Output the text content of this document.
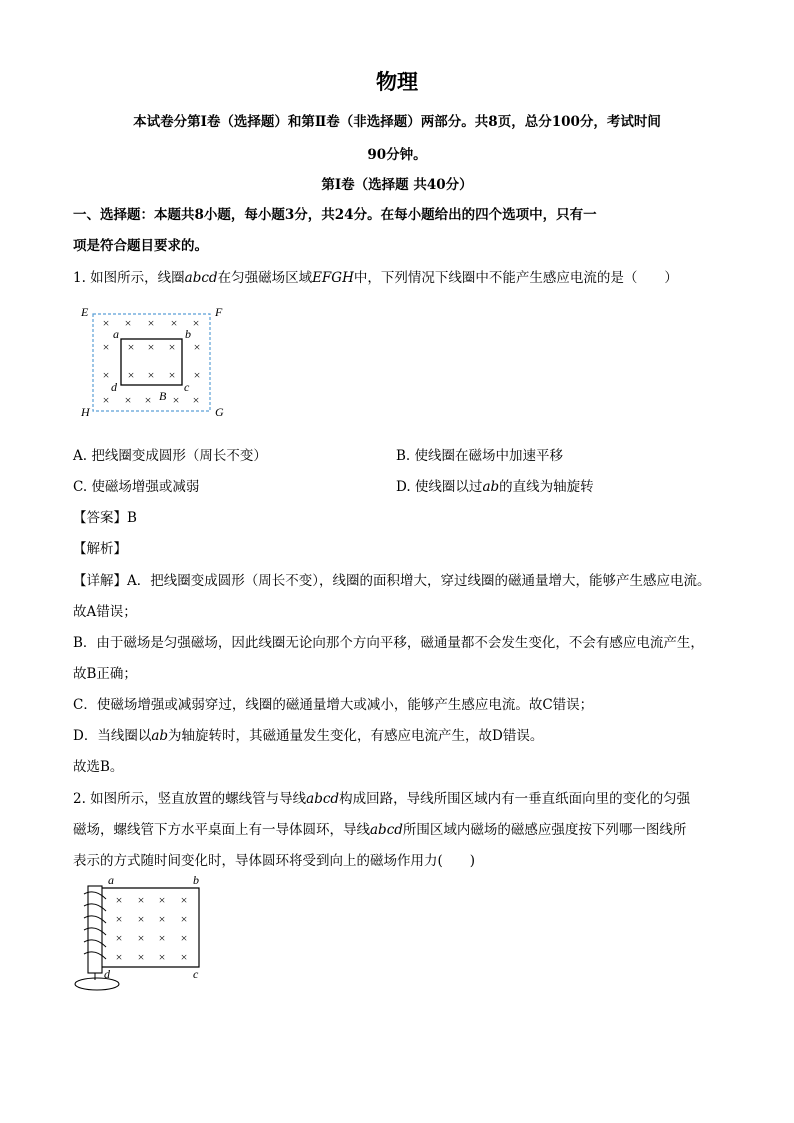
物理
本试卷分第Ⅰ卷（选择题）和第Ⅱ卷（非选择题）两部分。共8页，总分100分，考试时间
90分钟。
第Ⅰ卷（选择题 共40分）
一、选择题：本题共8小题，每小题3分，共24分。在每小题给出的四个选项中，只有一
项是符合题目要求的。
1. 如图所示，线圈abcd在匀强磁场区域EFGH中，下列情况下线圈中不能产生感应电流的是（　　）
E	F
H	G
a	b
d	c
B
× × × × ×
× × × × ×
× × × × ×
× × × × ×
A. 把线圈变成圆形（周长不变）	B. 使线圈在磁场中加速平移
C. 使磁场增强或减弱	D. 使线圈以过ab的直线为轴旋转
【答案】B
【解析】
【详解】A．把线圈变成圆形（周长不变），线圈的面积增大，穿过线圈的磁通量增大，能够产生感应电流。
故A错误；
B．由于磁场是匀强磁场，因此线圈无论向那个方向平移，磁通量都不会发生变化，不会有感应电流产生，
故B正确；
C．使磁场增强或减弱穿过，线圈的磁通量增大或减小，能够产生感应电流。故C错误；
D．当线圈以ab为轴旋转时，其磁通量发生变化，有感应电流产生，故D错误。
故选B。
2. 如图所示，竖直放置的螺线管与导线abcd构成回路，导线所围区域内有一垂直纸面向里的变化的匀强
磁场，螺线管下方水平桌面上有一导体圆环，导线abcd所围区域内磁场的磁感应强度按下列哪一图线所
表示的方式随时间变化时，导体圆环将受到向上的磁场作用力(　　)
a	b
d	c
× × × ×
× × × ×
× × × ×
× × × ×
